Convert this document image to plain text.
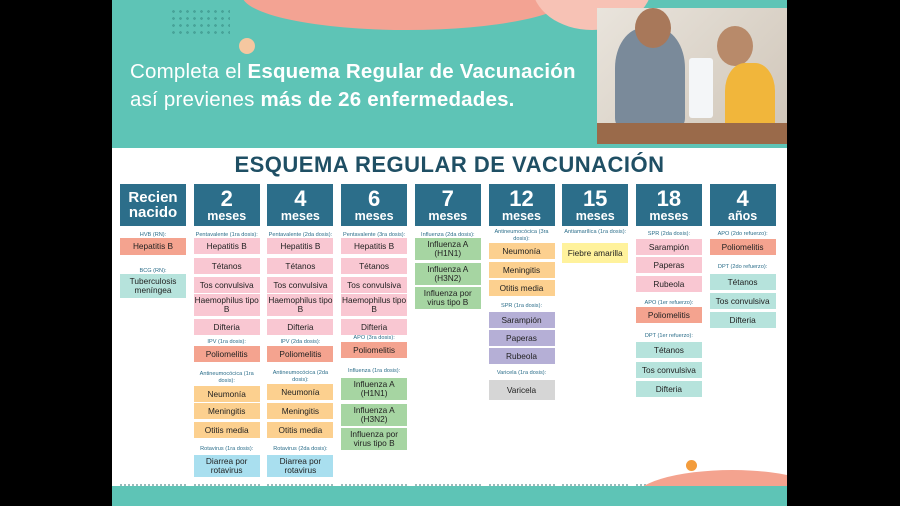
Completa el Esquema Regular de Vacunación
así previenes más de 26 enfermedades.
ESQUEMA REGULAR DE VACUNACIÓN
Recien
nacido
HVB (RN):
Hepatitis B
BCG (RN):
Tuberculosis meníngea
2
meses
Pentavalente (1ra dosis):
Hepatitis B
Tétanos
Tos convulsiva
Haemophilus tipo B
Difteria
IPV (1ra dosis):
Poliomelitis
Antineumocócica (1ra dosis):
Neumonía
Meningitis
Otitis media
Rotavirus (1ra dosis):
Diarrea por rotavirus
4
meses
Pentavalente (2da dosis):
Hepatitis B
Tétanos
Tos convulsiva
Haemophilus tipo B
Difteria
IPV (2da dosis):
Poliomelitis
Antineumocócica (2da dosis):
Neumonía
Meningitis
Otitis media
Rotavirus (2da dosis):
Diarrea por rotavirus
6
meses
Pentavalente (3ra dosis):
Hepatitis B
Tétanos
Tos convulsiva
Haemophilus tipo B
Difteria
APO (3ra dosis):
Poliomelitis
Influenza (1ra dosis):
Influenza A (H1N1)
Influenza A (H3N2)
Influenza por virus tipo B
7
meses
Influenza (2da dosis):
Influenza A (H1N1)
Influenza A (H3N2)
Influenza por virus tipo B
12
meses
Antineumocócica (3ra dosis):
Neumonía
Meningitis
Otitis media
SPR (1ra dosis):
Sarampión
Paperas
Rubeola
Varicela (1ra dosis):
Varicela
15
meses
Antiamarílica (1ra dosis):
Fiebre amarilla
18
meses
SPR (2da dosis):
Sarampión
Paperas
Rubeola
APO (1er refuerzo):
Poliomelitis
DPT (1er refuerzo):
Tétanos
Tos convulsiva
Difteria
4
años
APO (2do refuerzo):
Poliomelitis
DPT (2do refuerzo):
Tétanos
Tos convulsiva
Difteria
